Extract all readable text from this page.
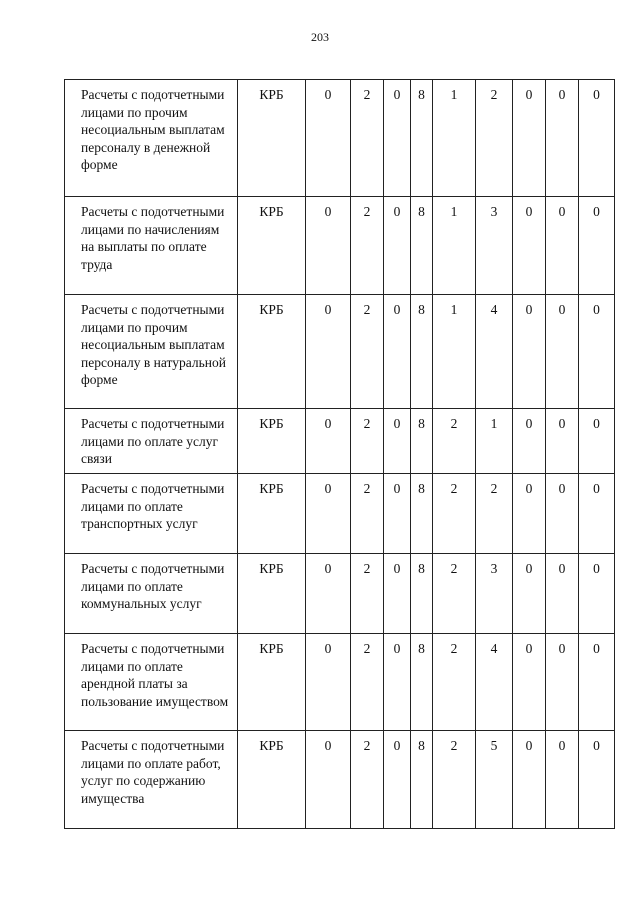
203
Расчеты с подотчетными лицами по прочим несоциальным выплатам персоналу в денежной форме	КРБ	0	2	0	8	1	2	0	0	0
Расчеты с подотчетными лицами по начислениям на выплаты по оплате труда	КРБ	0	2	0	8	1	3	0	0	0
Расчеты с подотчетными лицами по прочим несоциальным выплатам персоналу в натуральной форме	КРБ	0	2	0	8	1	4	0	0	0
Расчеты с подотчетными лицами по оплате услуг связи	КРБ	0	2	0	8	2	1	0	0	0
Расчеты с подотчетными лицами по оплате транспортных услуг	КРБ	0	2	0	8	2	2	0	0	0
Расчеты с подотчетными лицами по оплате коммунальных услуг	КРБ	0	2	0	8	2	3	0	0	0
Расчеты с подотчетными лицами по оплате арендной платы за пользование имуществом	КРБ	0	2	0	8	2	4	0	0	0
Расчеты с подотчетными лицами по оплате работ, услуг по содержанию имущества	КРБ	0	2	0	8	2	5	0	0	0
